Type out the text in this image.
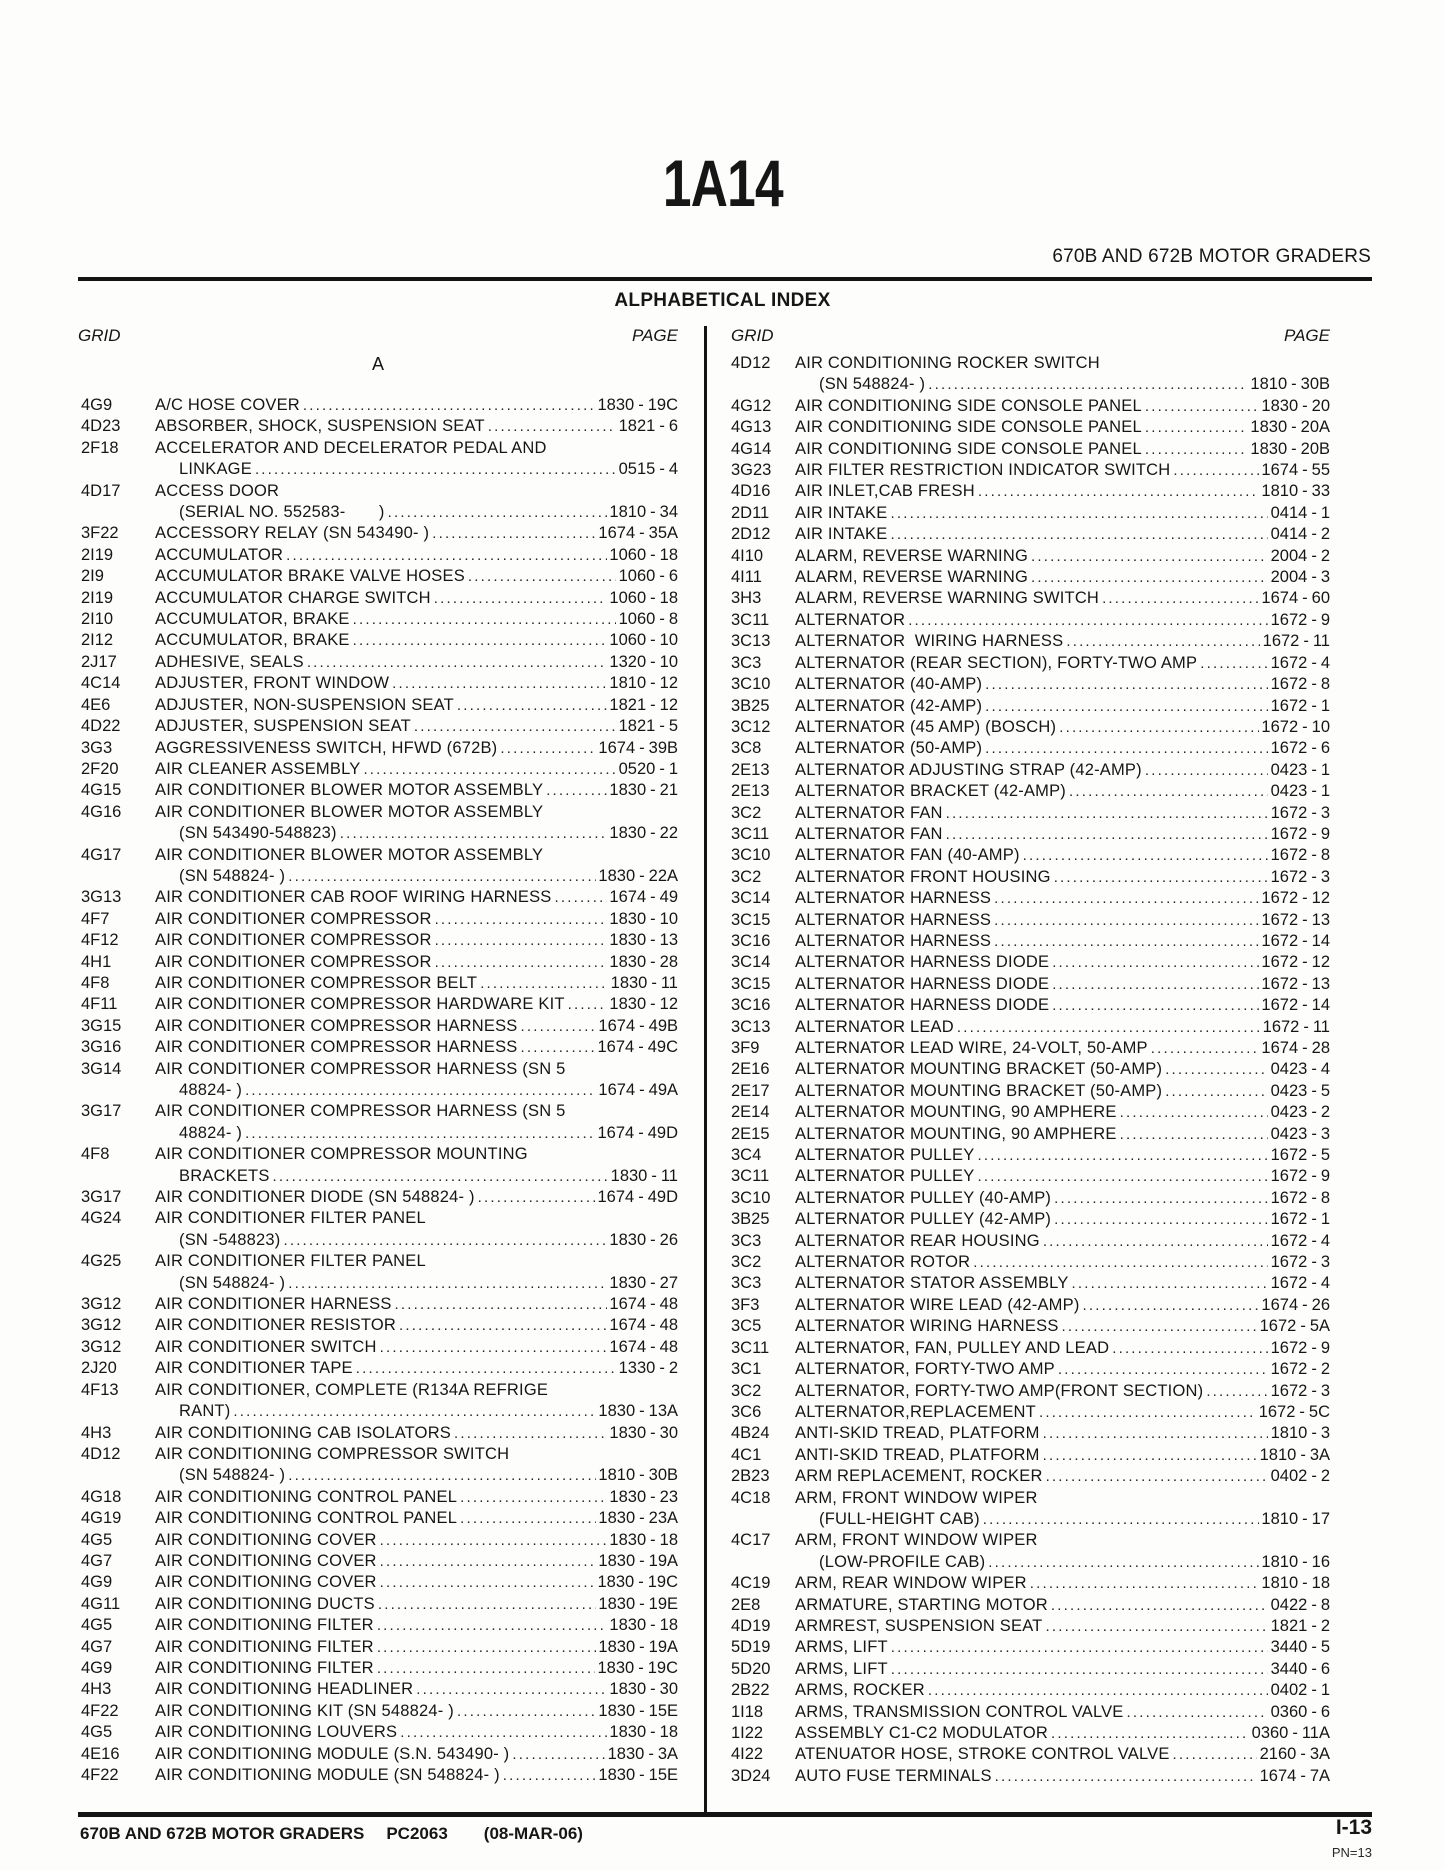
1A14
670B AND 672B MOTOR GRADERS
ALPHABETICAL INDEX
GRID	PAGE
A
4G9	A/C HOSE COVER .....	1830 - 19C
4D23	ABSORBER, SHOCK, SUSPENSION SEAT .....	1821 - 6
2F18	ACCELERATOR AND DECELERATOR PEDAL AND
LINKAGE .....	0515 - 4
4D17	ACCESS DOOR
(SERIAL NO. 552583-       ) .....	1810 - 34
3F22	ACCESSORY RELAY (SN 543490- ) .....	1674 - 35A
2I19	ACCUMULATOR .....	1060 - 18
2I9	ACCUMULATOR BRAKE VALVE HOSES .....	1060 - 6
2I19	ACCUMULATOR CHARGE SWITCH .....	1060 - 18
2I10	ACCUMULATOR, BRAKE .....	1060 - 8
2I12	ACCUMULATOR, BRAKE .....	1060 - 10
2J17	ADHESIVE, SEALS .....	1320 - 10
4C14	ADJUSTER, FRONT WINDOW .....	1810 - 12
4E6	ADJUSTER, NON-SUSPENSION SEAT .....	1821 - 12
4D22	ADJUSTER, SUSPENSION SEAT .....	1821 - 5
3G3	AGGRESSIVENESS SWITCH, HFWD (672B) .....	1674 - 39B
2F20	AIR CLEANER ASSEMBLY .....	0520 - 1
4G15	AIR CONDITIONER BLOWER MOTOR ASSEMBLY .....	1830 - 21
4G16	AIR CONDITIONER BLOWER MOTOR ASSEMBLY
(SN 543490-548823) .....	1830 - 22
4G17	AIR CONDITIONER BLOWER MOTOR ASSEMBLY
(SN 548824- ) .....	1830 - 22A
3G13	AIR CONDITIONER CAB ROOF WIRING HARNESS .....	1674 - 49
4F7	AIR CONDITIONER COMPRESSOR .....	1830 - 10
4F12	AIR CONDITIONER COMPRESSOR .....	1830 - 13
4H1	AIR CONDITIONER COMPRESSOR .....	1830 - 28
4F8	AIR CONDITIONER COMPRESSOR BELT .....	1830 - 11
4F11	AIR CONDITIONER COMPRESSOR HARDWARE KIT .....	1830 - 12
3G15	AIR CONDITIONER COMPRESSOR HARNESS .....	1674 - 49B
3G16	AIR CONDITIONER COMPRESSOR HARNESS .....	1674 - 49C
3G14	AIR CONDITIONER COMPRESSOR HARNESS (SN 5
48824- ) .....	1674 - 49A
3G17	AIR CONDITIONER COMPRESSOR HARNESS (SN 5
48824- ) .....	1674 - 49D
4F8	AIR CONDITIONER COMPRESSOR MOUNTING
BRACKETS .....	1830 - 11
3G17	AIR CONDITIONER DIODE (SN 548824- ) .....	1674 - 49D
4G24	AIR CONDITIONER FILTER PANEL
(SN -548823) .....	1830 - 26
4G25	AIR CONDITIONER FILTER PANEL
(SN 548824- ) .....	1830 - 27
3G12	AIR CONDITIONER HARNESS .....	1674 - 48
3G12	AIR CONDITIONER RESISTOR .....	1674 - 48
3G12	AIR CONDITIONER SWITCH .....	1674 - 48
2J20	AIR CONDITIONER TAPE .....	1330 - 2
4F13	AIR CONDITIONER, COMPLETE (R134A REFRIGE
RANT) .....	1830 - 13A
4H3	AIR CONDITIONING CAB ISOLATORS .....	1830 - 30
4D12	AIR CONDITIONING COMPRESSOR SWITCH
(SN 548824- ) .....	1810 - 30B
4G18	AIR CONDITIONING CONTROL PANEL .....	1830 - 23
4G19	AIR CONDITIONING CONTROL PANEL .....	1830 - 23A
4G5	AIR CONDITIONING COVER .....	1830 - 18
4G7	AIR CONDITIONING COVER .....	1830 - 19A
4G9	AIR CONDITIONING COVER .....	1830 - 19C
4G11	AIR CONDITIONING DUCTS .....	1830 - 19E
4G5	AIR CONDITIONING FILTER .....	1830 - 18
4G7	AIR CONDITIONING FILTER .....	1830 - 19A
4G9	AIR CONDITIONING FILTER .....	1830 - 19C
4H3	AIR CONDITIONING HEADLINER .....	1830 - 30
4F22	AIR CONDITIONING KIT (SN 548824- ) .....	1830 - 15E
4G5	AIR CONDITIONING LOUVERS .....	1830 - 18
4E16	AIR CONDITIONING MODULE (S.N. 543490- ) .....	1830 - 3A
4F22	AIR CONDITIONING MODULE (SN 548824- ) .....	1830 - 15E
GRID	PAGE
4D12	AIR CONDITIONING ROCKER SWITCH
(SN 548824- ) .....	1810 - 30B
4G12	AIR CONDITIONING SIDE CONSOLE PANEL .....	1830 - 20
4G13	AIR CONDITIONING SIDE CONSOLE PANEL .....	1830 - 20A
4G14	AIR CONDITIONING SIDE CONSOLE PANEL .....	1830 - 20B
3G23	AIR FILTER RESTRICTION INDICATOR SWITCH .....	1674 - 55
4D16	AIR INLET,CAB FRESH .....	1810 - 33
2D11	AIR INTAKE .....	0414 - 1
2D12	AIR INTAKE .....	0414 - 2
4I10	ALARM, REVERSE WARNING .....	2004 - 2
4I11	ALARM, REVERSE WARNING .....	2004 - 3
3H3	ALARM, REVERSE WARNING SWITCH .....	1674 - 60
3C11	ALTERNATOR .....	1672 - 9
3C13	ALTERNATOR  WIRING HARNESS .....	1672 - 11
3C3	ALTERNATOR (REAR SECTION), FORTY-TWO AMP .....	1672 - 4
3C10	ALTERNATOR (40-AMP) .....	1672 - 8
3B25	ALTERNATOR (42-AMP) .....	1672 - 1
3C12	ALTERNATOR (45 AMP) (BOSCH) .....	1672 - 10
3C8	ALTERNATOR (50-AMP) .....	1672 - 6
2E13	ALTERNATOR ADJUSTING STRAP (42-AMP) .....	0423 - 1
2E13	ALTERNATOR BRACKET (42-AMP) .....	0423 - 1
3C2	ALTERNATOR FAN .....	1672 - 3
3C11	ALTERNATOR FAN .....	1672 - 9
3C10	ALTERNATOR FAN (40-AMP) .....	1672 - 8
3C2	ALTERNATOR FRONT HOUSING .....	1672 - 3
3C14	ALTERNATOR HARNESS .....	1672 - 12
3C15	ALTERNATOR HARNESS .....	1672 - 13
3C16	ALTERNATOR HARNESS .....	1672 - 14
3C14	ALTERNATOR HARNESS DIODE .....	1672 - 12
3C15	ALTERNATOR HARNESS DIODE .....	1672 - 13
3C16	ALTERNATOR HARNESS DIODE .....	1672 - 14
3C13	ALTERNATOR LEAD .....	1672 - 11
3F9	ALTERNATOR LEAD WIRE, 24-VOLT, 50-AMP .....	1674 - 28
2E16	ALTERNATOR MOUNTING BRACKET (50-AMP) .....	0423 - 4
2E17	ALTERNATOR MOUNTING BRACKET (50-AMP) .....	0423 - 5
2E14	ALTERNATOR MOUNTING, 90 AMPHERE .....	0423 - 2
2E15	ALTERNATOR MOUNTING, 90 AMPHERE .....	0423 - 3
3C4	ALTERNATOR PULLEY .....	1672 - 5
3C11	ALTERNATOR PULLEY .....	1672 - 9
3C10	ALTERNATOR PULLEY (40-AMP) .....	1672 - 8
3B25	ALTERNATOR PULLEY (42-AMP) .....	1672 - 1
3C3	ALTERNATOR REAR HOUSING .....	1672 - 4
3C2	ALTERNATOR ROTOR .....	1672 - 3
3C3	ALTERNATOR STATOR ASSEMBLY .....	1672 - 4
3F3	ALTERNATOR WIRE LEAD (42-AMP) .....	1674 - 26
3C5	ALTERNATOR WIRING HARNESS .....	1672 - 5A
3C11	ALTERNATOR, FAN, PULLEY AND LEAD .....	1672 - 9
3C1	ALTERNATOR, FORTY-TWO AMP .....	1672 - 2
3C2	ALTERNATOR, FORTY-TWO AMP(FRONT SECTION) .....	1672 - 3
3C6	ALTERNATOR,REPLACEMENT .....	1672 - 5C
4B24	ANTI-SKID TREAD, PLATFORM .....	1810 - 3
4C1	ANTI-SKID TREAD, PLATFORM .....	1810 - 3A
2B23	ARM REPLACEMENT, ROCKER .....	0402 - 2
4C18	ARM, FRONT WINDOW WIPER
(FULL-HEIGHT CAB) .....	1810 - 17
4C17	ARM, FRONT WINDOW WIPER
(LOW-PROFILE CAB) .....	1810 - 16
4C19	ARM, REAR WINDOW WIPER .....	1810 - 18
2E8	ARMATURE, STARTING MOTOR .....	0422 - 8
4D19	ARMREST, SUSPENSION SEAT .....	1821 - 2
5D19	ARMS, LIFT .....	3440 - 5
5D20	ARMS, LIFT .....	3440 - 6
2B22	ARMS, ROCKER .....	0402 - 1
1I18	ARMS, TRANSMISSION CONTROL VALVE .....	0360 - 6
1I22	ASSEMBLY C1-C2 MODULATOR .....	0360 - 11A
4I22	ATENUATOR HOSE, STROKE CONTROL VALVE .....	2160 - 3A
3D24	AUTO FUSE TERMINALS .....	1674 - 7A
670B AND 672B MOTOR GRADERS PC2063 (08-MAR-06)	I-13
PN=13
